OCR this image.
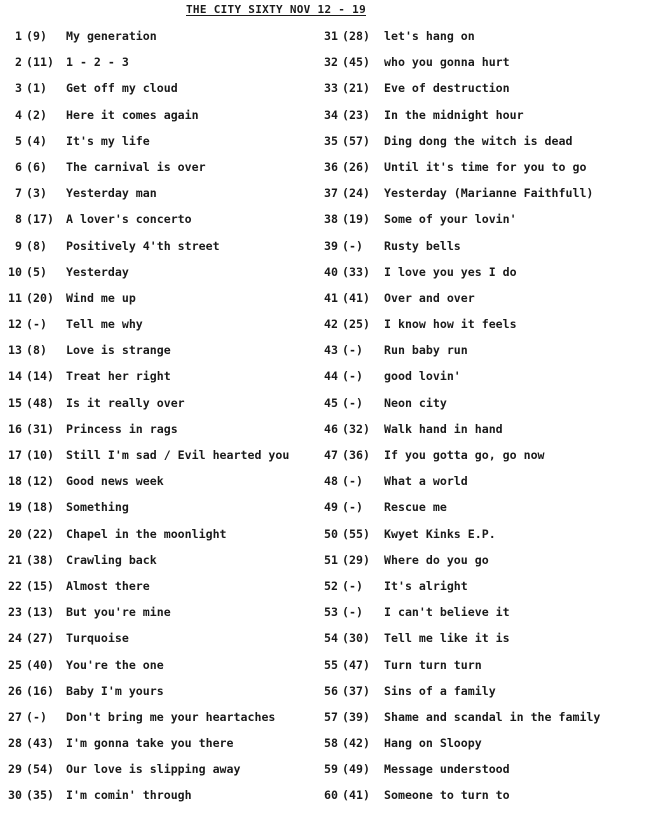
THE CITY SIXTY NOV 12 - 19
1 (9)	My generation
2 (11)	1 - 2 - 3
3 (1)	Get off my cloud
4 (2)	Here it comes again
5 (4)	It's my life
6 (6)	The carnival is over
7 (3)	Yesterday man
8 (17)	A lover's concerto
9 (8)	Positively 4'th street
10 (5)	Yesterday
11 (20)	Wind me up
12 (-)	Tell me why
13 (8)	Love is strange
14 (14)	Treat her right
15 (48)	Is it really over
16 (31)	Princess in rags
17 (10)	Still I'm sad / Evil hearted you
18 (12)	Good news week
19 (18)	Something
20 (22)	Chapel in the moonlight
21 (38)	Crawling back
22 (15)	Almost there
23 (13)	But you're mine
24 (27)	Turquoise
25 (40)	You're the one
26 (16)	Baby I'm yours
27 (-)	Don't bring me your heartaches
28 (43)	I'm gonna take you there
29 (54)	Our love is slipping away
30 (35)	I'm comin' through
31 (28)	let's hang on
32 (45)	who you gonna hurt
33 (21)	Eve of destruction
34 (23)	In the midnight hour
35 (57)	Ding dong the witch is dead
36 (26)	Until it's time for you to go
37 (24)	Yesterday (Marianne Faithfull)
38 (19)	Some of your lovin'
39 (-)	Rusty bells
40 (33)	I love you yes I do
41 (41)	Over and over
42 (25)	I know how it feels
43 (-)	Run baby run
44 (-)	good lovin'
45 (-)	Neon city
46 (32)	Walk hand in hand
47 (36)	If you gotta go, go now
48 (-)	What a world
49 (-)	Rescue me
50 (55)	Kwyet Kinks E.P.
51 (29)	Where do you go
52 (-)	It's alright
53 (-)	I can't believe it
54 (30)	Tell me like it is
55 (47)	Turn turn turn
56 (37)	Sins of a family
57 (39)	Shame and scandal in the family
58 (42)	Hang on Sloopy
59 (49)	Message understood
60 (41)	Someone to turn to
